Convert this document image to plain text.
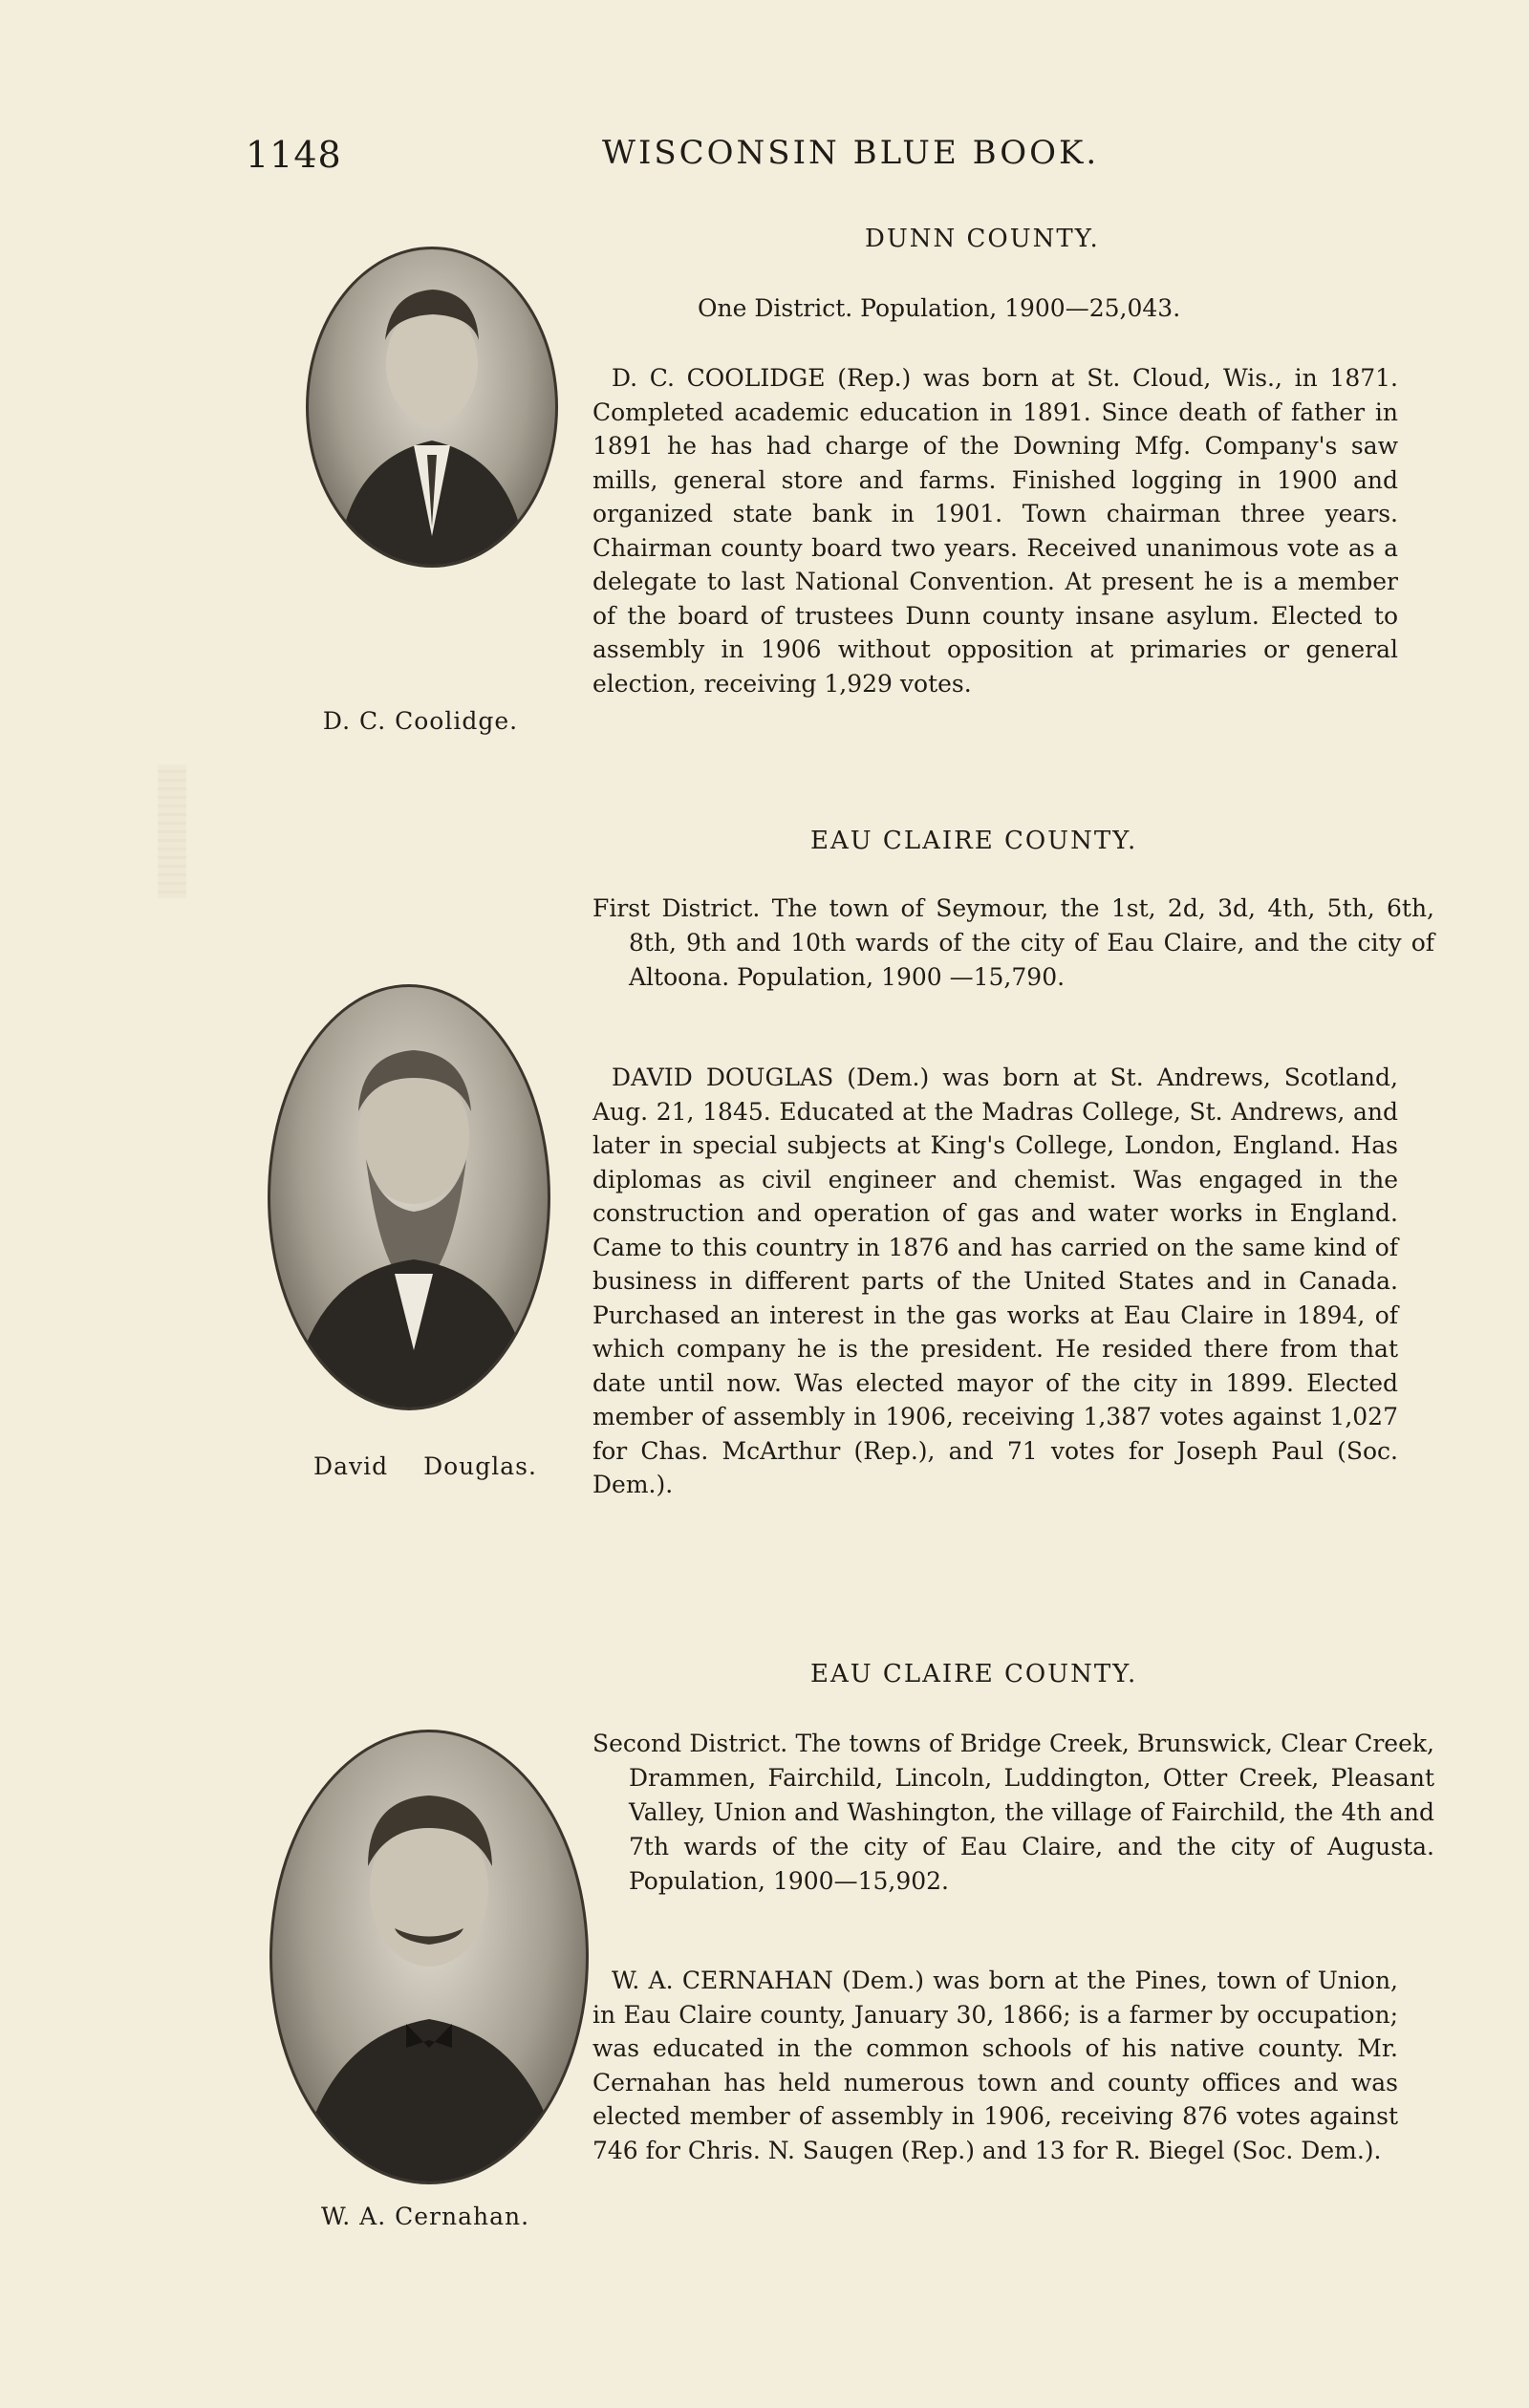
1148	WISCONSIN BLUE BOOK.
D. C. Coolidge.
DUNN COUNTY.
One District. Population, 1900—25,043.
D. C. COOLIDGE (Rep.) was born at St. Cloud, Wis., in 1871. Completed academic education in 1891. Since death of father in 1891 he has had charge of the Downing Mfg. Company's saw mills, general store and farms. Finished logging in 1900 and organized state bank in 1901. Town chairman three years. Chairman county board two years. Received unanimous vote as a delegate to last National Convention. At present he is a member of the board of trustees Dunn county insane asylum. Elected to assembly in 1906 without opposition at primaries or general election, receiving 1,929 votes.
David Douglas.
EAU CLAIRE COUNTY.
First District. The town of Seymour, the 1st, 2d, 3d, 4th, 5th, 6th, 8th, 9th and 10th wards of the city of Eau Claire, and the city of Altoona. Population, 1900 —15,790.
DAVID DOUGLAS (Dem.) was born at St. Andrews, Scotland, Aug. 21, 1845. Educated at the Madras College, St. Andrews, and later in special subjects at King's College, London, England. Has diplomas as civil engineer and chemist. Was engaged in the construction and operation of gas and water works in England. Came to this country in 1876 and has carried on the same kind of business in different parts of the United States and in Canada. Purchased an interest in the gas works at Eau Claire in 1894, of which company he is the president. He resided there from that date until now. Was elected mayor of the city in 1899. Elected member of assembly in 1906, receiving 1,387 votes against 1,027 for Chas. McArthur (Rep.), and 71 votes for Joseph Paul (Soc. Dem.).
W. A. Cernahan.
EAU CLAIRE COUNTY.
Second District. The towns of Bridge Creek, Brunswick, Clear Creek, Drammen, Fairchild, Lincoln, Luddington, Otter Creek, Pleasant Valley, Union and Washington, the village of Fairchild, the 4th and 7th wards of the city of Eau Claire, and the city of Augusta. Population, 1900—15,902.
W. A. CERNAHAN (Dem.) was born at the Pines, town of Union, in Eau Claire county, January 30, 1866; is a farmer by occupation; was educated in the common schools of his native county. Mr. Cernahan has held numerous town and county offices and was elected member of assembly in 1906, receiving 876 votes against 746 for Chris. N. Saugen (Rep.) and 13 for R. Biegel (Soc. Dem.).
